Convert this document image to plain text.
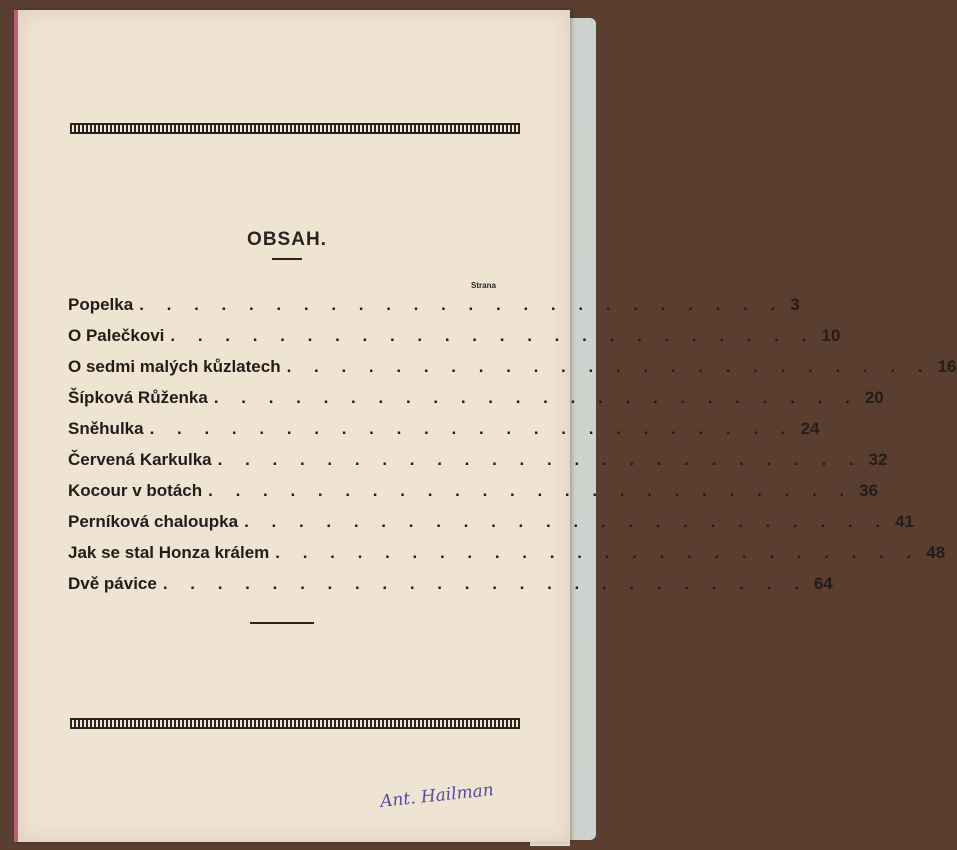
OBSAH.
Strana
Popelka . . . . . . . . . . . . . . . . . . . . . . . . 3
O Palečkovi . . . . . . . . . . . . . . . . . . . . . . . . 10
O sedmi malých kůzlatech . . . . . . . . . . . . . . . . . . . . . . . . 16
Šípková Růženka . . . . . . . . . . . . . . . . . . . . . . . . 20
Sněhulka . . . . . . . . . . . . . . . . . . . . . . . . 24
Červená Karkulka . . . . . . . . . . . . . . . . . . . . . . . . 32
Kocour v botách . . . . . . . . . . . . . . . . . . . . . . . . 36
Perníková chaloupka . . . . . . . . . . . . . . . . . . . . . . . . 41
Jak se stal Honza králem . . . . . . . . . . . . . . . . . . . . . . . . 48
Dvě pávice . . . . . . . . . . . . . . . . . . . . . . . . 64
Ant. Hailman
